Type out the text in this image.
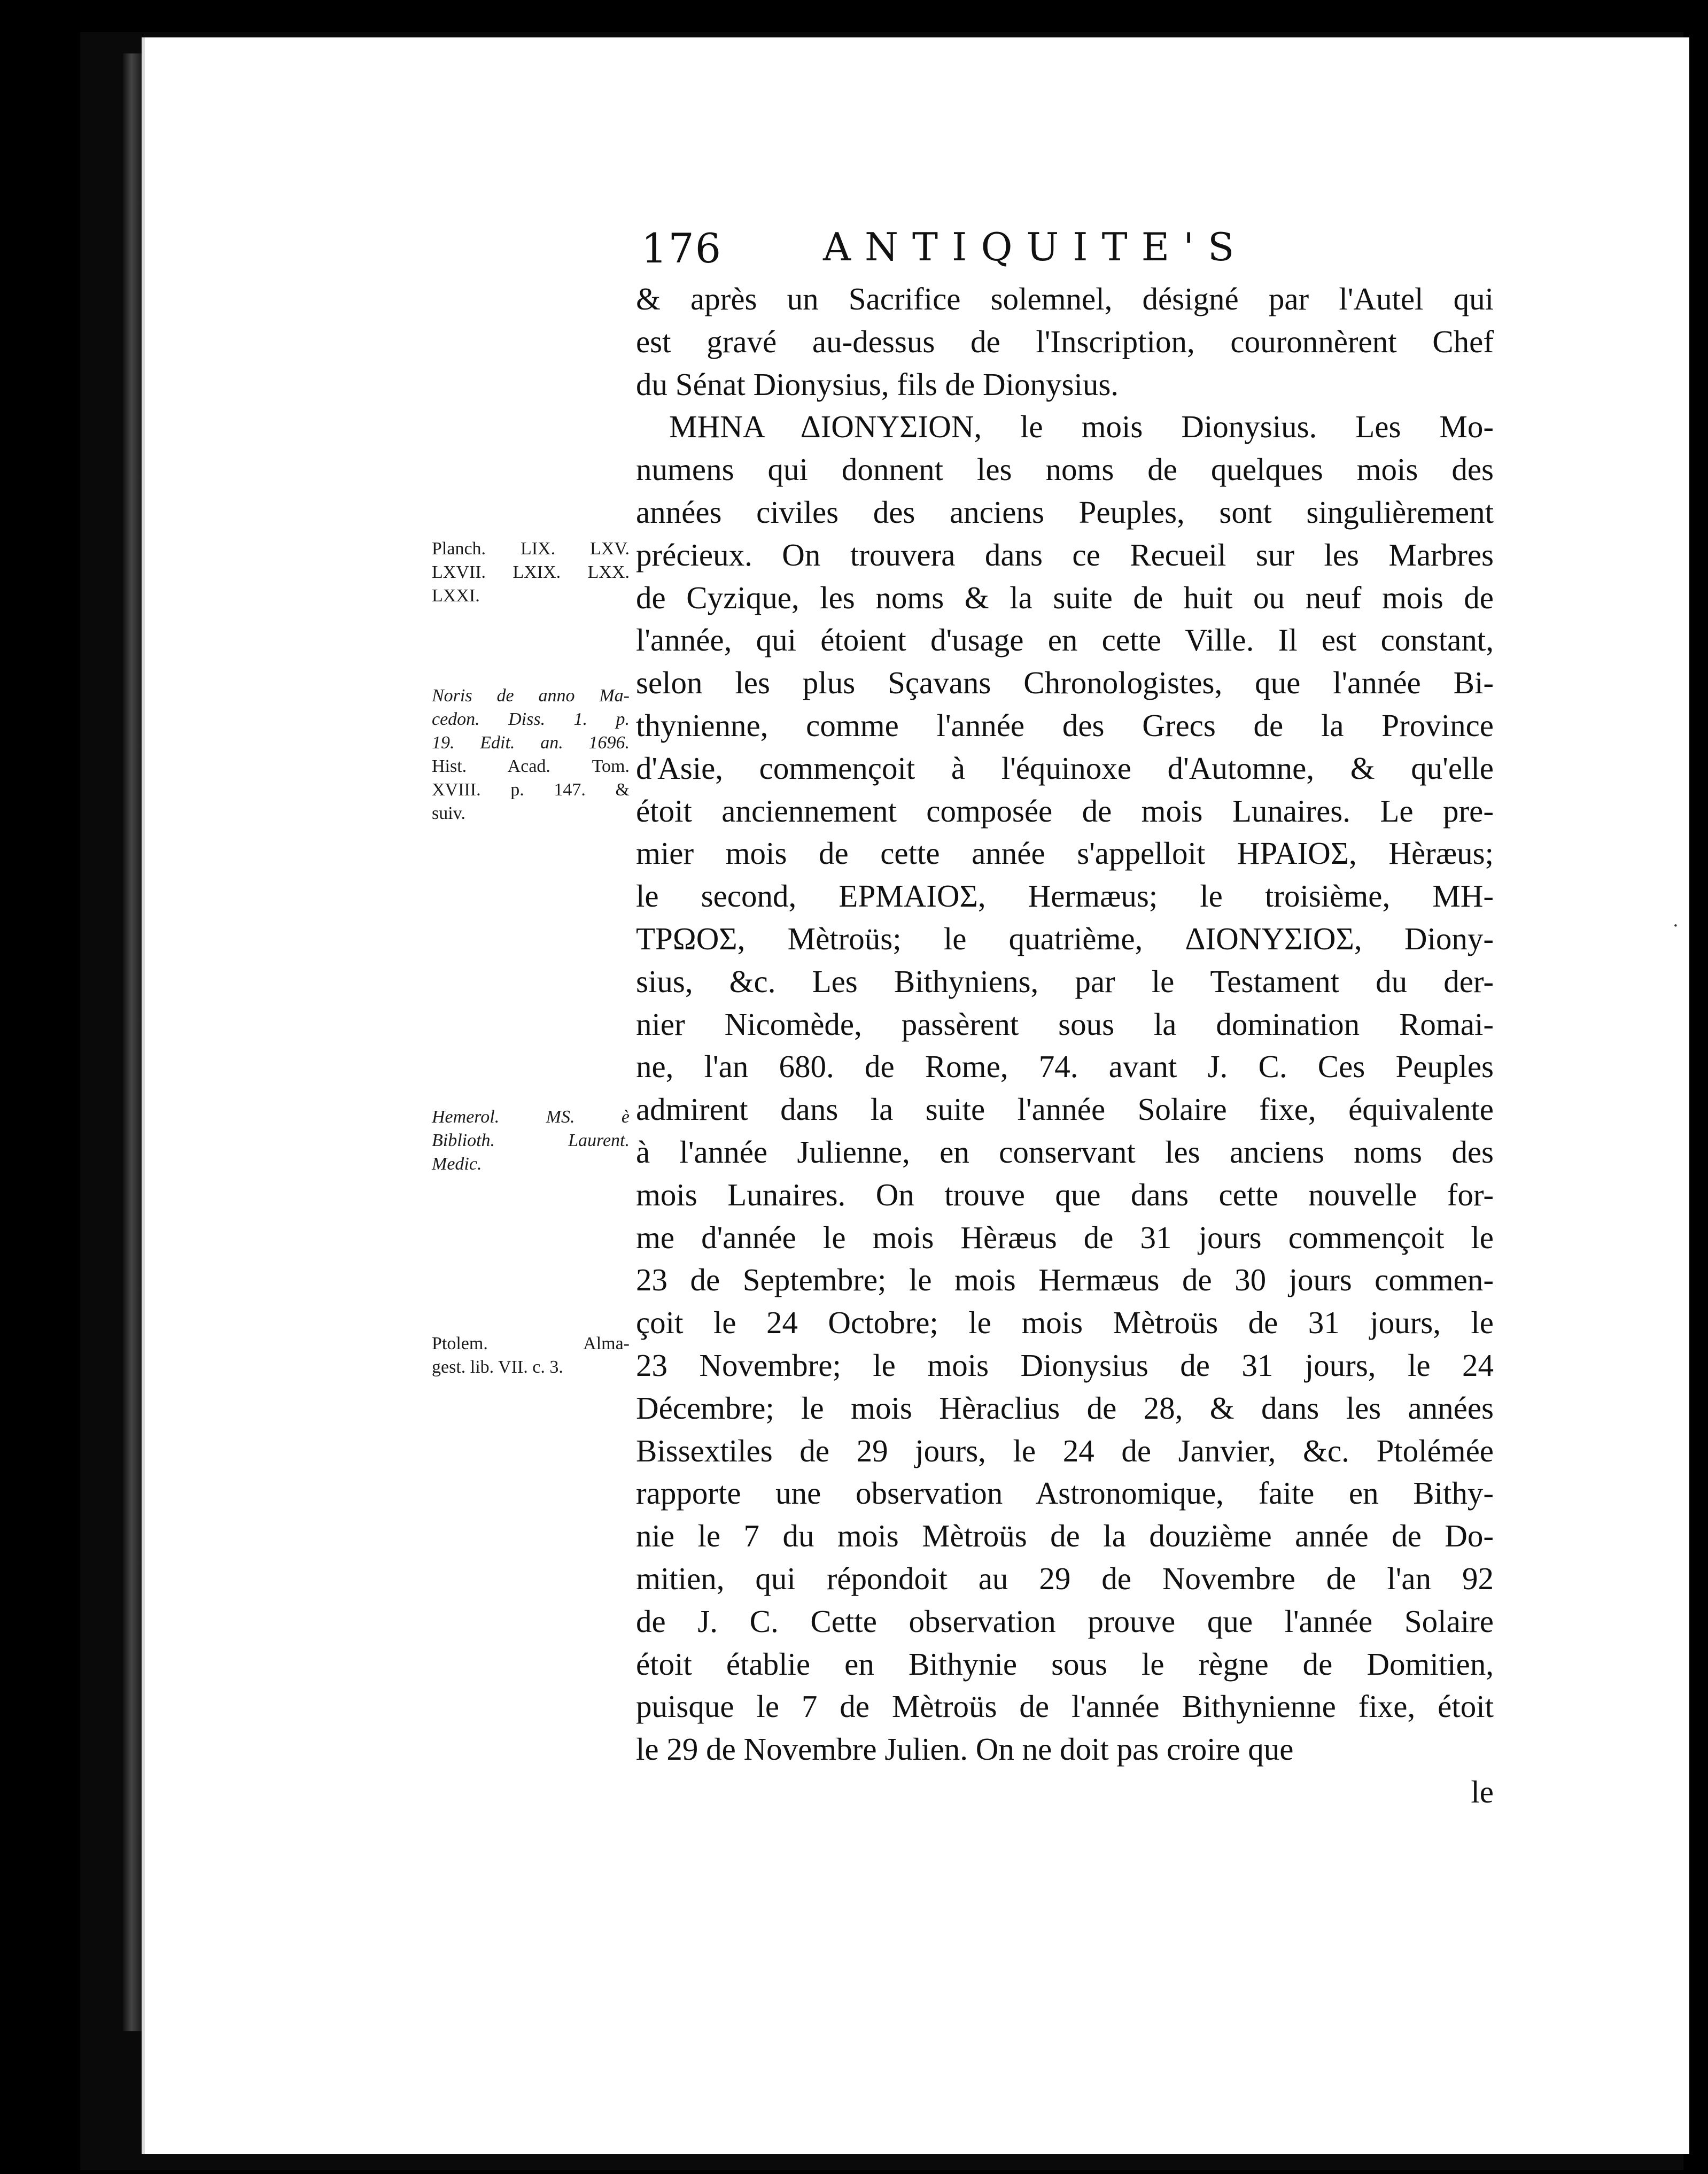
176	ANTIQUITE'S
& après un Sacrifice solemnel, désigné par l'Autel qui
est gravé au-dessus de l'Inscription, couronnèrent Chef
du Sénat Dionysius, fils de Dionysius.
ΜΗΝΑ ΔΙΟΝΥΣΙΟΝ, le mois Dionysius. Les Mo-
numens qui donnent les noms de quelques mois des
années civiles des anciens Peuples, sont singulièrement
précieux. On trouvera dans ce Recueil sur les Marbres
de Cyzique, les noms & la suite de huit ou neuf mois de
l'année, qui étoient d'usage en cette Ville. Il est constant,
selon les plus Sçavans Chronologistes, que l'année Bi-
thynienne, comme l'année des Grecs de la Province
d'Asie, commençoit à l'équinoxe d'Automne, & qu'elle
étoit anciennement composée de mois Lunaires. Le pre-
mier mois de cette année s'appelloit ΗΡΑΙΟΣ, Hèræus;
le second, ΕΡΜΑΙΟΣ, Hermæus; le troisième, ΜΗ-
ΤΡΩΟΣ, Mètroüs; le quatrième, ΔΙΟΝΥΣΙΟΣ, Diony-
sius, &c. Les Bithyniens, par le Testament du der-
nier Nicomède, passèrent sous la domination Romai-
ne, l'an 680. de Rome, 74. avant J. C. Ces Peuples
admirent dans la suite l'année Solaire fixe, équivalente
à l'année Julienne, en conservant les anciens noms des
mois Lunaires. On trouve que dans cette nouvelle for-
me d'année le mois Hèræus de 31 jours commençoit le
23 de Septembre; le mois Hermæus de 30 jours commen-
çoit le 24 Octobre; le mois Mètroüs de 31 jours, le
23 Novembre; le mois Dionysius de 31 jours, le 24
Décembre; le mois Hèraclius de 28, & dans les années
Bissextiles de 29 jours, le 24 de Janvier, &c. Ptolémée
rapporte une observation Astronomique, faite en Bithy-
nie le 7 du mois Mètroüs de la douzième année de Do-
mitien, qui répondoit au 29 de Novembre de l'an 92
de J. C. Cette observation prouve que l'année Solaire
étoit établie en Bithynie sous le règne de Domitien,
puisque le 7 de Mètroüs de l'année Bithynienne fixe, étoit
le 29 de Novembre Julien. On ne doit pas croire que
le
Planch. LIX. LXV.
LXVII. LXIX. LXX.
LXXI.
Noris de anno Ma-
cedon. Diss. 1. p.
19. Edit. an. 1696.
Hist. Acad. Tom.
XVIII. p. 147. &
suiv.
Hemerol. MS. è
Biblioth. Laurent.
Medic.
Ptolem. Alma-
gest. lib. VII. c. 3.
·
